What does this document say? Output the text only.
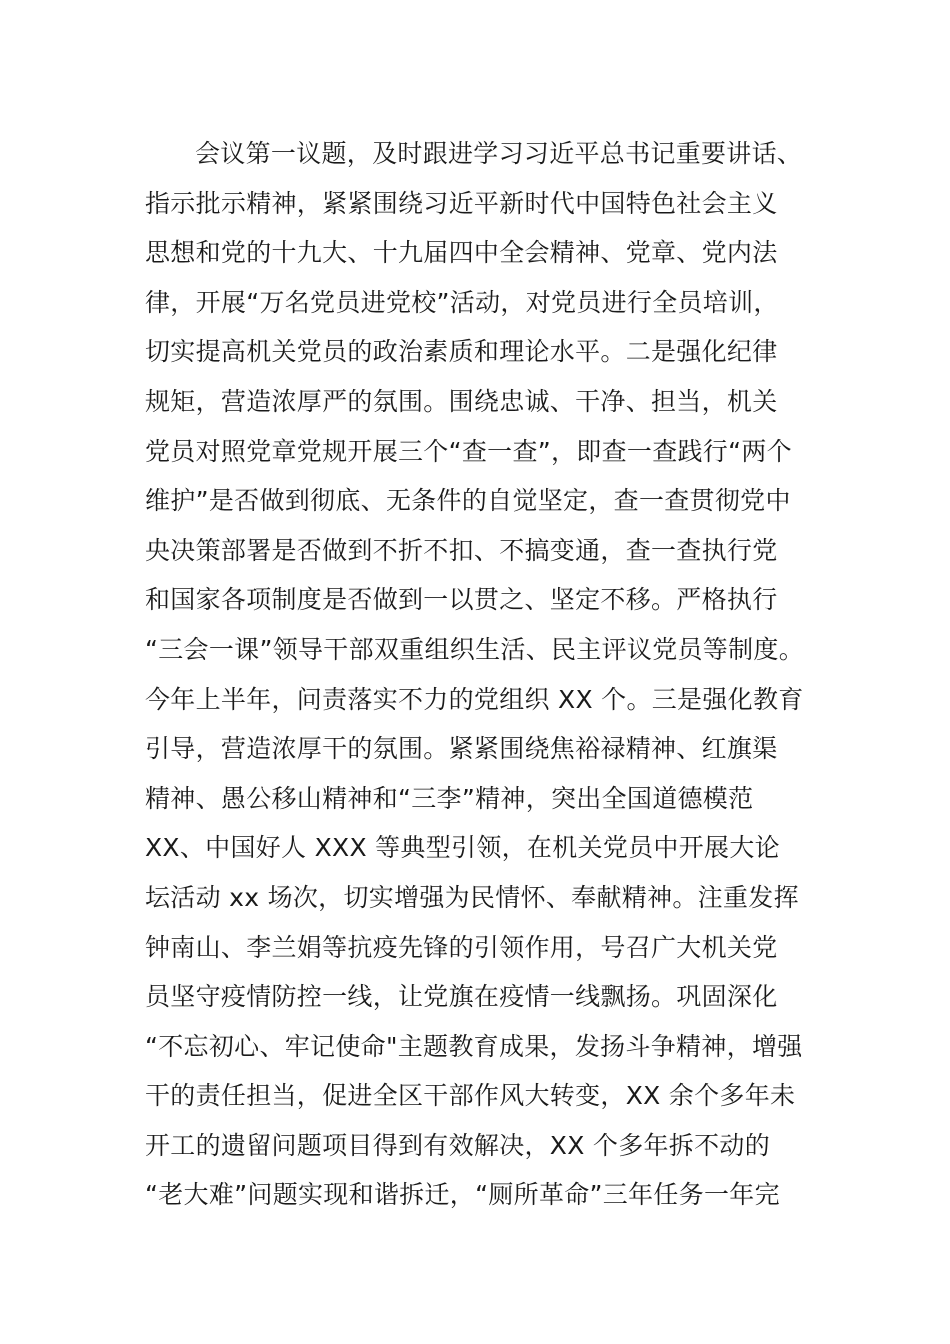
会议第一议题，及时跟进学习习近平总书记重要讲话、
指示批示精神，紧紧围绕习近平新时代中国特色社会主义
思想和党的十九大、十九届四中全会精神、党章、党内法
律，开展“万名党员进党校”活动，对党员进行全员培训，
切实提高机关党员的政治素质和理论水平。二是强化纪律
规矩，营造浓厚严的氛围。围绕忠诚、干净、担当，机关
党员对照党章党规开展三个“查一查”，即查一查践行“两个
维护”是否做到彻底、无条件的自觉坚定，查一查贯彻党中
央决策部署是否做到不折不扣、不搞变通，查一查执行党
和国家各项制度是否做到一以贯之、坚定不移。严格执行
“三会一课”领导干部双重组织生活、民主评议党员等制度。
今年上半年，问责落实不力的党组织 XX 个。三是强化教育
引导，营造浓厚干的氛围。紧紧围绕焦裕禄精神、红旗渠
精神、愚公移山精神和“三李”精神，突出全国道德模范
XX、中国好人 XXX 等典型引领，在机关党员中开展大论
坛活动 xx 场次，切实增强为民情怀、奉献精神。注重发挥
钟南山、李兰娟等抗疫先锋的引领作用，号召广大机关党
员坚守疫情防控一线，让党旗在疫情一线飘扬。巩固深化
“不忘初心、牢记使命"主题教育成果，发扬斗争精神，增强
干的责任担当，促进全区干部作风大转变，XX 余个多年未
开工的遗留问题项目得到有效解决，XX 个多年拆不动的
“老大难”问题实现和谐拆迁，“厕所革命”三年任务一年完
